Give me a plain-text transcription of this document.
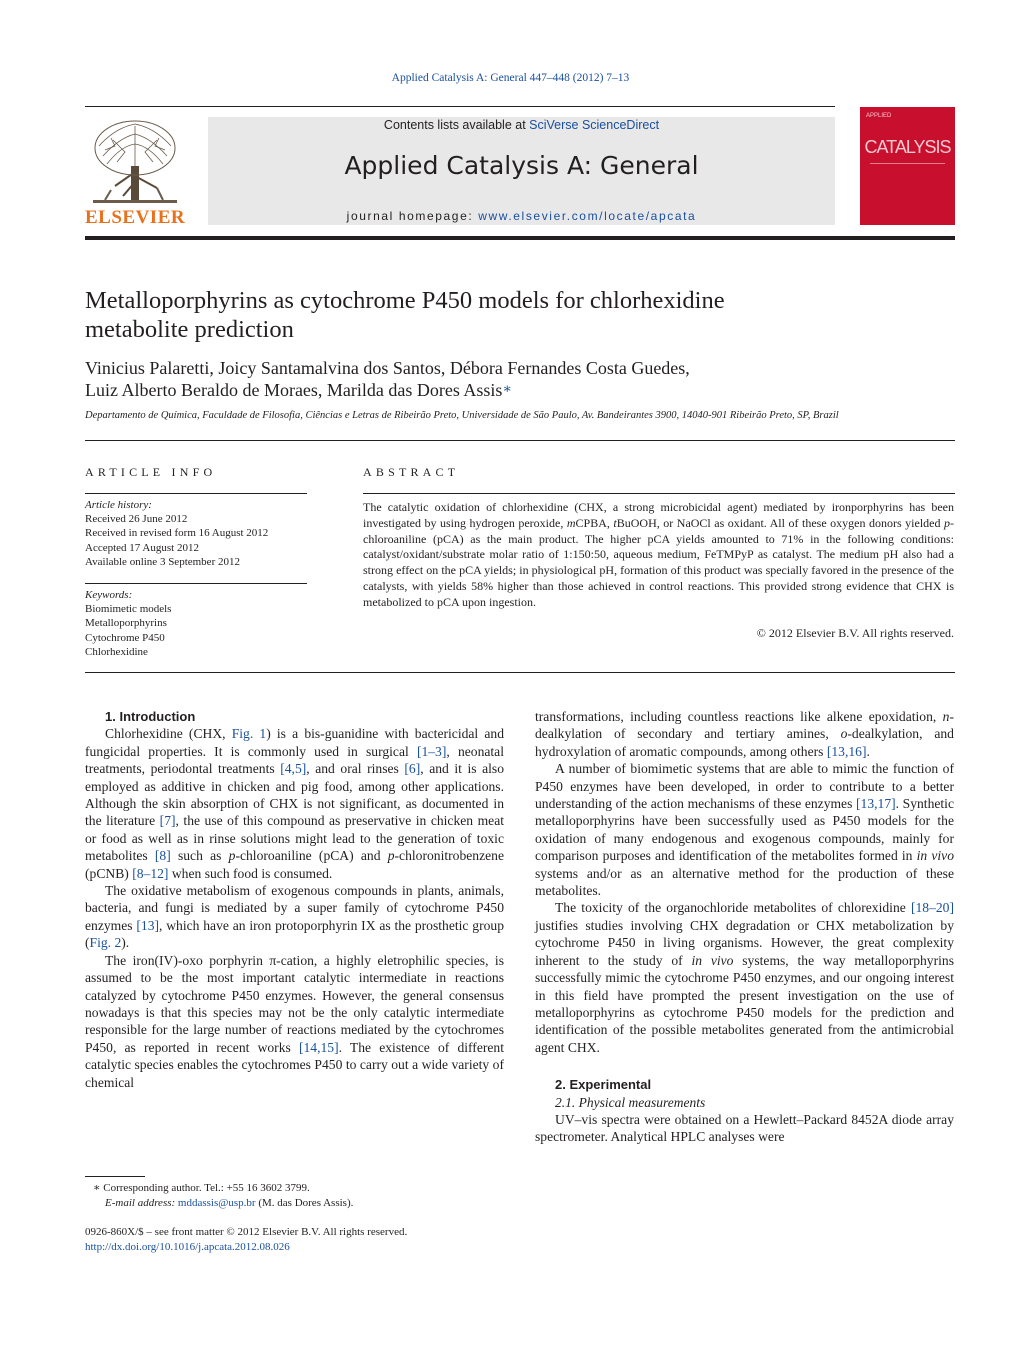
Applied Catalysis A: General 447–448 (2012) 7–13
ELSEVIER
Contents lists available at SciVerse ScienceDirect
Applied Catalysis A: General
journal homepage: www.elsevier.com/locate/apcata
APPLIED
CATALYSIS
Metalloporphyrins as cytochrome P450 models for chlorhexidine
metabolite prediction
Vinicius Palaretti, Joicy Santamalvina dos Santos, Débora Fernandes Costa Guedes,
Luiz Alberto Beraldo de Moraes, Marilda das Dores Assis∗
Departamento de Química, Faculdade de Filosofia, Ciências e Letras de Ribeirão Preto, Universidade de São Paulo, Av. Bandeirantes 3900, 14040-901 Ribeirão Preto, SP, Brazil
ARTICLE INFO	ABSTRACT
Article history:
Received 26 June 2012
Received in revised form 16 August 2012
Accepted 17 August 2012
Available online 3 September 2012
Keywords:
Biomimetic models
Metalloporphyrins
Cytochrome P450
Chlorhexidine
The catalytic oxidation of chlorhexidine (CHX, a strong microbicidal agent) mediated by ironporphyrins has been investigated by using hydrogen peroxide, mCPBA, tBuOOH, or NaOCl as oxidant. All of these oxygen donors yielded p-chloroaniline (pCA) as the main product. The higher pCA yields amounted to 71% in the following conditions: catalyst/oxidant/substrate molar ratio of 1:150:50, aqueous medium, FeTMPyP as catalyst. The medium pH also had a strong effect on the pCA yields; in physiological pH, formation of this product was specially favored in the presence of the catalysts, with yields 58% higher than those achieved in control reactions. This provided strong evidence that CHX is metabolized to pCA upon ingestion.
© 2012 Elsevier B.V. All rights reserved.

1. Introduction

Chlorhexidine (CHX, Fig. 1) is a bis-guanidine with bactericidal and fungicidal properties. It is commonly used in surgical [1–3], neonatal treatments, periodontal treatments [4,5], and oral rinses [6], and it is also employed as additive in chicken and pig food, among other applications. Although the skin absorption of CHX is not significant, as documented in the literature [7], the use of this compound as preservative in chicken meat or food as well as in rinse solutions might lead to the generation of toxic metabolites [8] such as p-chloroaniline (pCA) and p-chloronitrobenzene (pCNB) [8–12] when such food is consumed.

The oxidative metabolism of exogenous compounds in plants, animals, bacteria, and fungi is mediated by a super family of cytochrome P450 enzymes [13], which have an iron protoporphyrin IX as the prosthetic group (Fig. 2).

The iron(IV)-oxo porphyrin π-cation, a highly eletrophilic species, is assumed to be the most important catalytic intermediate in reactions catalyzed by cytochrome P450 enzymes. However, the general consensus nowadays is that this species may not be the only catalytic intermediate responsible for the large number of reactions mediated by the cytochromes P450, as reported in recent works [14,15]. The existence of different catalytic species enables the cytochromes P450 to carry out a wide variety of chemical

transformations, including countless reactions like alkene epoxidation, n-dealkylation of secondary and tertiary amines, o-dealkylation, and hydroxylation of aromatic compounds, among others [13,16].

A number of biomimetic systems that are able to mimic the function of P450 enzymes have been developed, in order to contribute to a better understanding of the action mechanisms of these enzymes [13,17]. Synthetic metalloporphyrins have been successfully used as P450 models for the oxidation of many endogenous and exogenous compounds, mainly for comparison purposes and identification of the metabolites formed in in vivo systems and/or as an alternative method for the production of these metabolites.

The toxicity of the organochloride metabolites of chlorexidine [18–20] justifies studies involving CHX degradation or CHX metabolization by cytochrome P450 in living organisms. However, the great complexity inherent to the study of in vivo systems, the way metalloporphyrins successfully mimic the cytochrome P450 enzymes, and our ongoing interest in this field have prompted the present investigation on the use of metalloporphyrins as cytochrome P450 models for the prediction and identification of the possible metabolites generated from the antimicrobial agent CHX.

2. Experimental

2.1. Physical measurements

UV–vis spectra were obtained on a Hewlett–Packard 8452A diode array spectrometer. Analytical HPLC analyses were

∗ Corresponding author. Tel.: +55 16 3602 3799.
E-mail address: mddassis@usp.br (M. das Dores Assis).
0926-860X/$ – see front matter © 2012 Elsevier B.V. All rights reserved.
http://dx.doi.org/10.1016/j.apcata.2012.08.026
